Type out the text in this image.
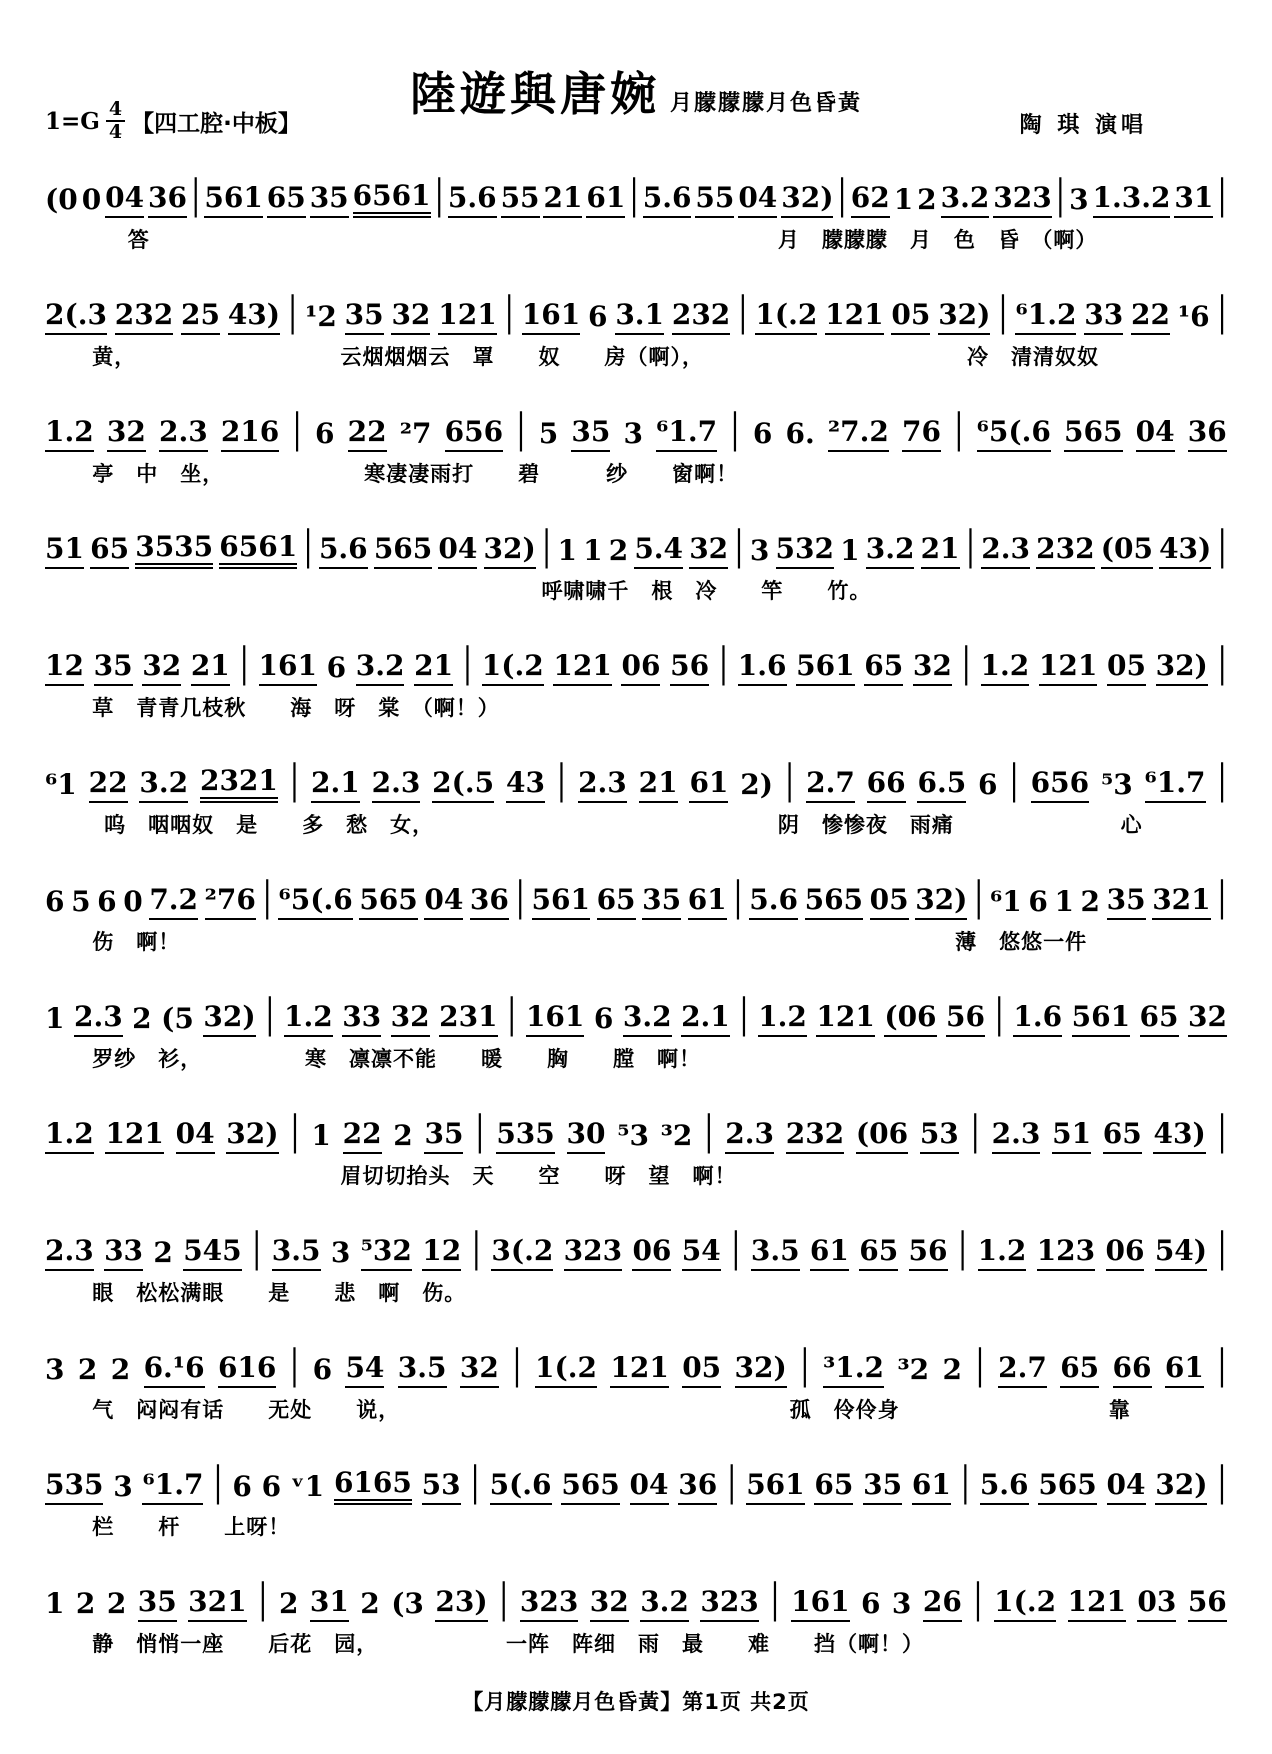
陸遊與唐婉 月朦朦朦月色昏黃
$1=G \frac{4}{4}$ 【四工腔·中板】	陶 琪 演唱
(0 0 04 36 | 561 65 35 6561 | 5.6 55 21 61 | 5.6 55 04 32) | 62 1 2 3.2 323 | 3 1.3.2 31 |
答	月　朦朦朦　月　色　昏　（啊）
2(.3 232 25 43) | ¹2 35 32 121 | 161 6 3.1 232 | 1(.2 121 05 32) | ⁶1.2 33 22 ¹6 |
黄，	云烟烟烟云　罩　　奴　　房（啊），	冷　清清奴奴
1.2 32 2.3 216 | 6 22 ²7 656 | 5 35 3 ⁶1.7 | 6 6. ²7.2 76 | ⁶5(.6 565 04 36
亭　中　坐，	寒凄凄雨打　　碧　　　纱　　窗啊！
51 65 3535 6561 | 5.6 565 04 32) | 1 1 2 5.4 32 | 3 532 1 3.2 21 | 2.3 232 (05 43) |
呼啸啸千　根　冷　　竿　　竹。
12 35 32 21 | 161 6 3.2 21 | 1(.2 121 06 56 | 1.6 561 65 32 | 1.2 121 05 32) |
草　青青几枝秋　　海　呀　棠　（啊！）
⁶1 22 3.2 2321 | 2.1 2.3 2(.5 43 | 2.3 21 61 2) | 2.7 66 6.5 6 | 656 ⁵3 ⁶1.7 |
呜　咽咽奴　是　　多　愁　女，	阴　惨惨夜　雨痛	心
6 5 6 0 7.2 ²76 | ⁶5(.6 565 04 36 | 561 65 35 61 | 5.6 565 05 32) | ⁶1 6 1 2 35 321 |
伤　啊！	薄　悠悠一件
1 2.3 2 (5 32) | 1.2 33 32 231 | 161 6 3.2 2.1 | 1.2 121 (06 56 | 1.6 561 65 32
罗纱　衫，	寒　凛凛不能　　暖　　胸　　膛　啊！
1.2 121 04 32) | 1 22 2 35 | 535 30 ⁵3 ³2 | 2.3 232 (06 53 | 2.3 51 65 43) |
眉切切抬头　天　　空　　呀　望　啊！
2.3 33 2 545 | 3.5 3 ⁵32 12 | 3(.2 323 06 54 | 3.5 61 65 56 | 1.2 123 06 54) |
眼　松松满眼　　是　　悲　啊　伤。
3 2 2 6.¹6 616 | 6 54 3.5 32 | 1(.2 121 05 32) | ³1.2 ³2 2 | 2.7 65 66 61 |
气　闷闷有话　　无处　　说，	孤　伶伶身	靠
535 3 ⁶1.7 | 6 6 ᵛ1 6165 53 | 5(.6 565 04 36 | 561 65 35 61 | 5.6 565 04 32) |
栏　　杆　　上呀！
1 2 2 35 321 | 2 31 2 (3 23) | 323 32 3.2 323 | 161 6 3 26 | 1(.2 121 03 56
静　悄悄一座　　后花　园，	一阵　阵细　雨　最　　难　　挡（啊！）
【月朦朦朦月色昏黃】第1页 共2页
